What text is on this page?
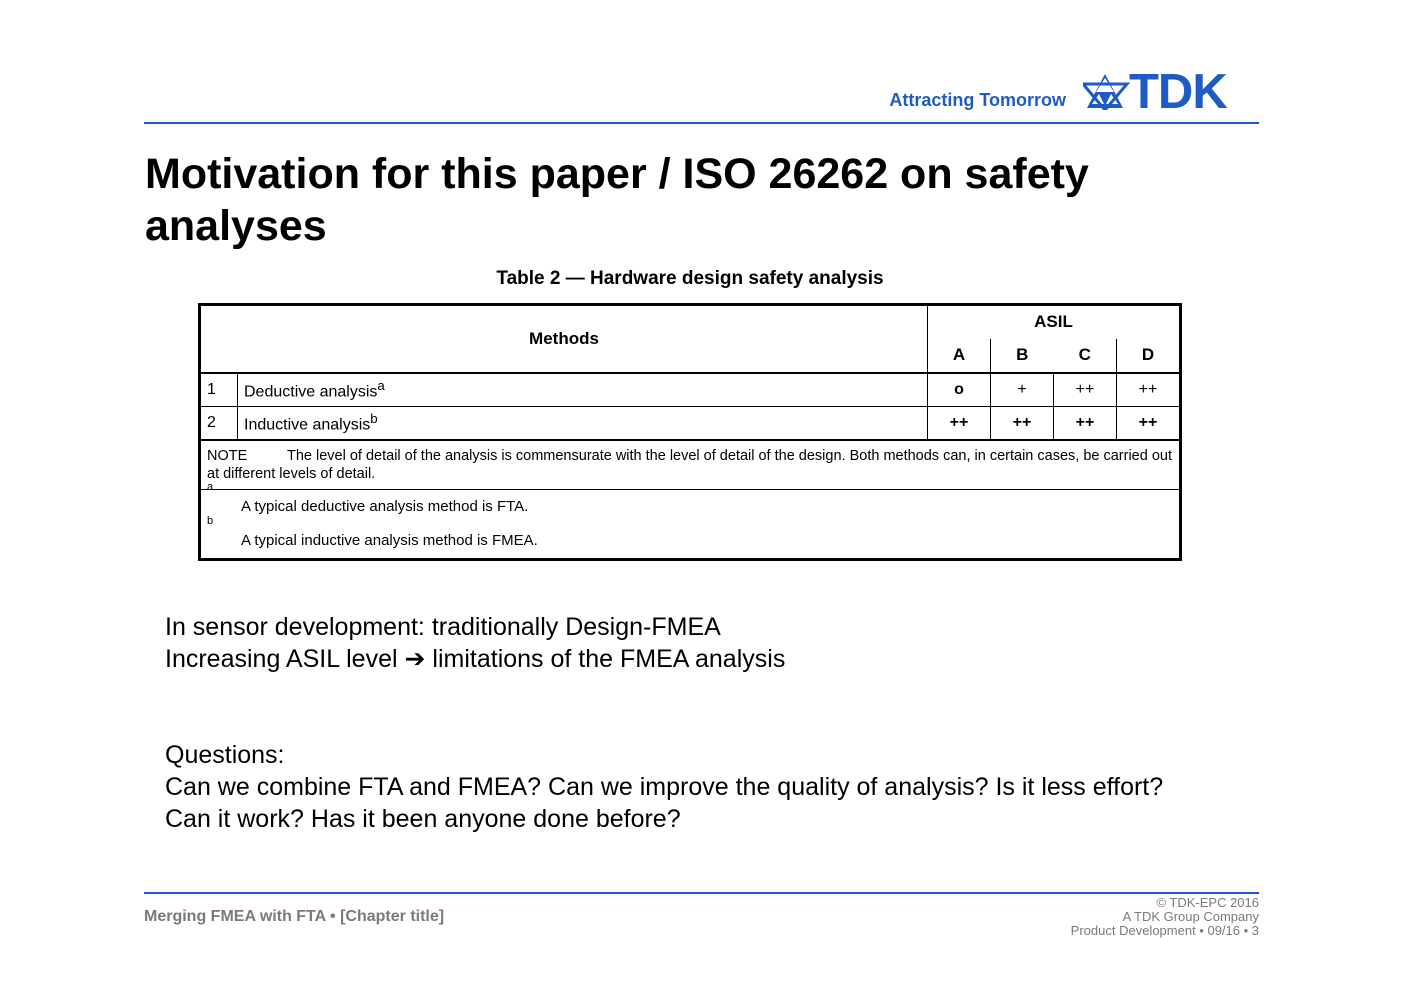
Attracting Tomorrow TDK
Motivation for this paper / ISO 26262 on safety analyses
Table 2 — Hardware design safety analysis
Methods		ASIL			
		A	B	C	D
1	Deductive analysis$^a$	o	+	++	++
2	Inductive analysis$^b$	++	++	++	++
NOTE The level of detail of the analysis is commensurate with the level of detail of the design. Both methods can, in certain cases, be carried out at different levels of detail.					

aA typical deductive analysis method is FTA.
bA typical inductive analysis method is FMEA.					
In sensor development: traditionally Design-FMEA
Increasing ASIL level ➔ limitations of the FMEA analysis
Questions:
Can we combine FTA and FMEA? Can we improve the quality of analysis? Is it less effort?
Can it work? Has it been anyone done before?
Merging FMEA with FTA • [Chapter title]
© TDK-EPC 2016
A TDK Group Company
Product Development • 09/16 • 3
